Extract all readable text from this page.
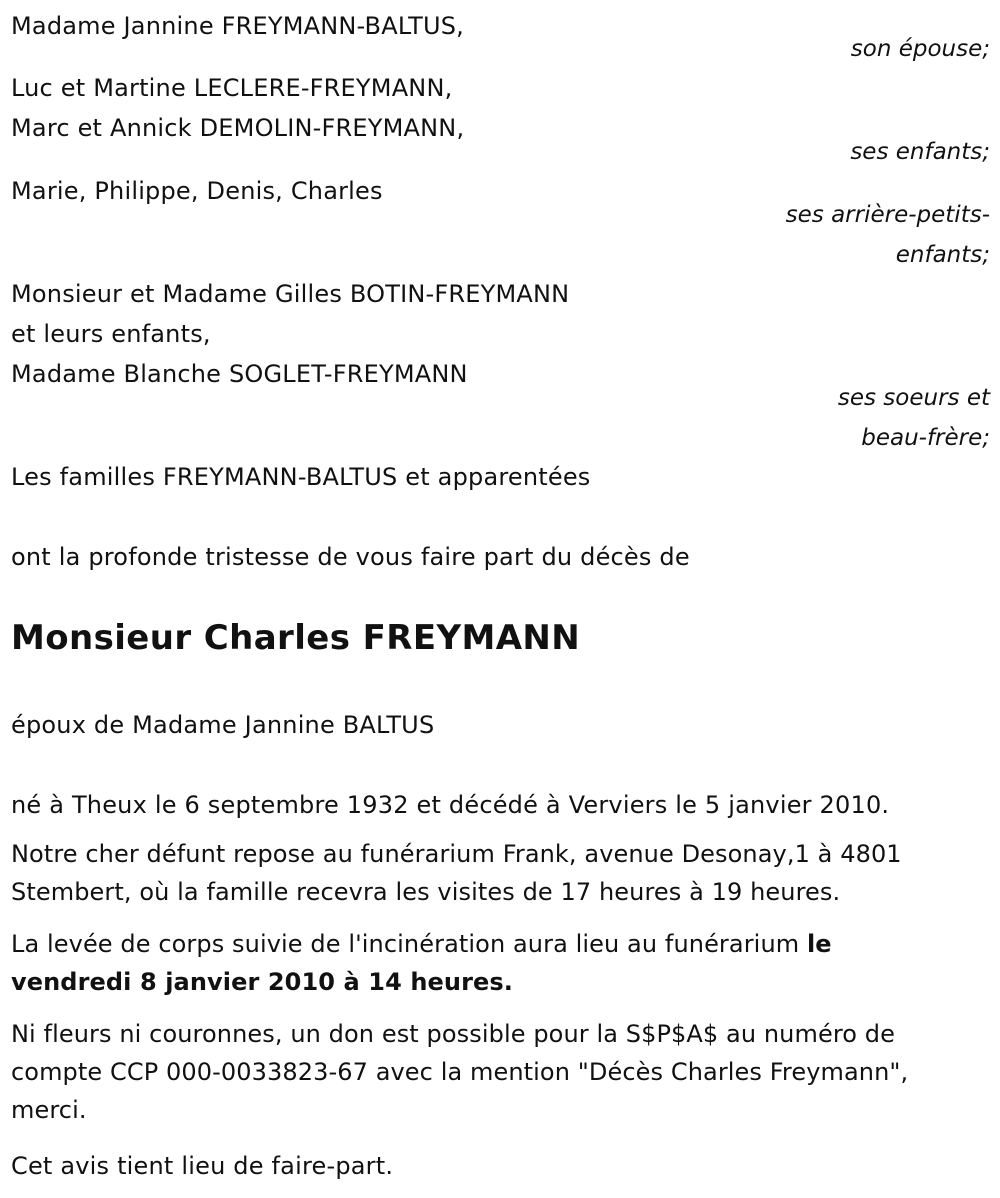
Madame Jannine FREYMANN-BALTUS,
son épouse;
Luc et Martine LECLERE-FREYMANN,
Marc et Annick DEMOLIN-FREYMANN,
ses enfants;
Marie, Philippe, Denis, Charles
ses arrière-petits-
enfants;
Monsieur et Madame Gilles BOTIN-FREYMANN
et leurs enfants,
Madame Blanche SOGLET-FREYMANN
ses soeurs et
beau-frère;
Les familles FREYMANN-BALTUS et apparentées
ont la profonde tristesse de vous faire part du décès de
Monsieur Charles FREYMANN
époux de Madame Jannine BALTUS
né à Theux le 6 septembre 1932 et décédé à Verviers le 5 janvier 2010.
Notre cher défunt repose au funérarium Frank, avenue Desonay,1 à 4801
Stembert, où la famille recevra les visites de 17 heures à 19 heures.
La levée de corps suivie de l'incinération aura lieu au funérarium le
vendredi 8 janvier 2010 à 14 heures.
Ni fleurs ni couronnes, un don est possible pour la S$P$A$ au numéro de
compte CCP 000-0033823-67 avec la mention "Décès Charles Freymann",
merci.
Cet avis tient lieu de faire-part.
